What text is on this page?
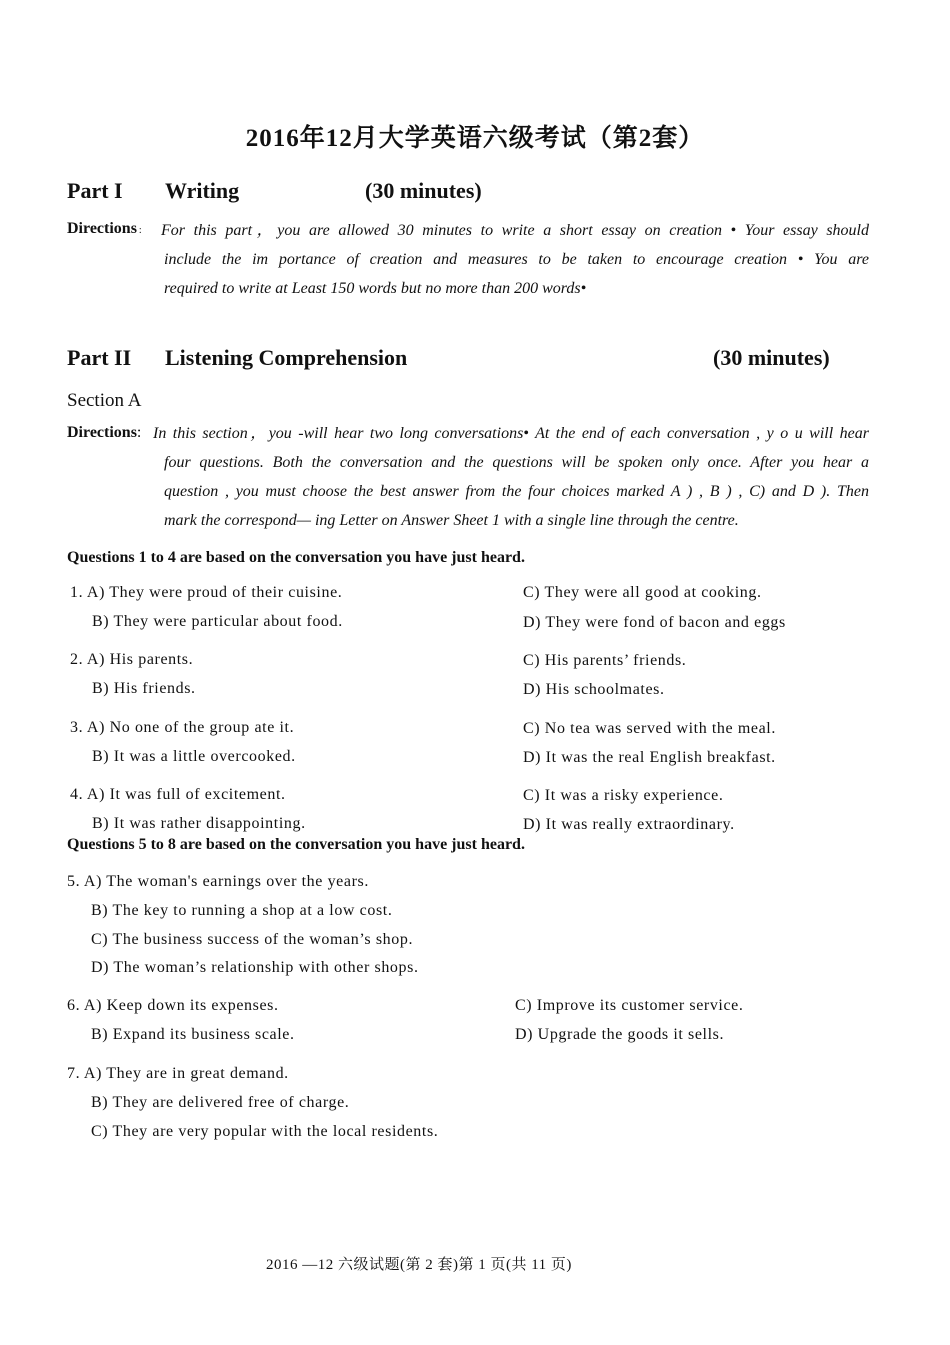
2016年12月大学英语六级考试（第2套）
Part I Writing	(30 minutes)
Directions : For this part，you are allowed 30 minutes to write a short essay on creation • Your essay should
include the im portance of creation and measures to be taken to encourage creation • You are
required to write at Least 150 words but no more than 200 words•
Part II Listening Comprehension	(30 minutes)
Section A
Directions: In this section，you -will hear two long conversations• At the end of each conversation , y o u will hear
four questions. Both the conversation and the questions will be spoken only once. After you hear a
question , you must choose the best answer from the four choices marked A ) , B ) , C) and D ). Then
mark the correspond— ing Letter on Answer Sheet 1 with a single line through the centre.
Questions 1 to 4 are based on the conversation you have just heard.
1. A) They were proud of their cuisine.
B) They were particular about food.
C) They were all good at cooking.
D) They were fond of bacon and eggs
2. A) His parents.
B) His friends.
C) His parents’ friends.
D) His schoolmates.
3. A) No one of the group ate it.
B) It was a little overcooked.
C) No tea was served with the meal.
D) It was the real English breakfast.
4. A) It was full of excitement.
B) It was rather disappointing.
C) It was a risky experience.
D) It was really extraordinary.
Questions 5 to 8 are based on the conversation you have just heard.
5. A) The woman's earnings over the years.
B) The key to running a shop at a low cost.
C) The business success of the woman’s shop.
D) The woman’s relationship with other shops.
6. A) Keep down its expenses.
B) Expand its business scale.
C) Improve its customer service.
D) Upgrade the goods it sells.
7. A) They are in great demand.
B) They are delivered free of charge.
C) They are very popular with the local residents.
2016 —12 六级试题(第 2 套)第 1 页(共 11 页)
